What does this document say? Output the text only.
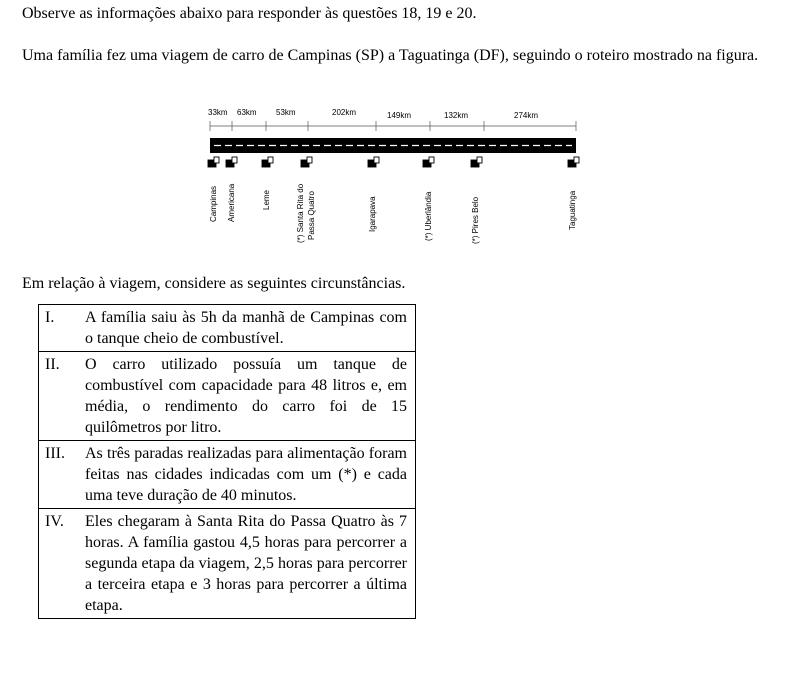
Observe as informações abaixo para responder às questões 18, 19 e 20.

Uma família fez uma viagem de carro de Campinas (SP) a Taguatinga (DF), seguindo o roteiro mostrado na figura.

33km 63km 53km	202km	149km	132km	274km
Campinas Americana	Leme	(*) Santa Rita do Passa Quatro	Igarapava	(*) Uberlândia	(*) Pires Belo	Taguatinga

Em relação à viagem, considere as seguintes circunstâncias.

I.	A família saiu às 5h da manhã de Campinas com o tanque cheio de combustível.
II.	O carro utilizado possuía um tanque de combustível com capacidade para 48 litros e, em média, o rendimento do carro foi de 15 quilômetros por litro.
III.	As três paradas realizadas para alimentação foram feitas nas cidades indicadas com um (*) e cada uma teve duração de 40 minutos.
IV.	Eles chegaram à Santa Rita do Passa Quatro às 7 horas. A família gastou 4,5 horas para percorrer a segunda etapa da viagem, 2,5 horas para percorrer a terceira etapa e 3 horas para percorrer a última etapa.
